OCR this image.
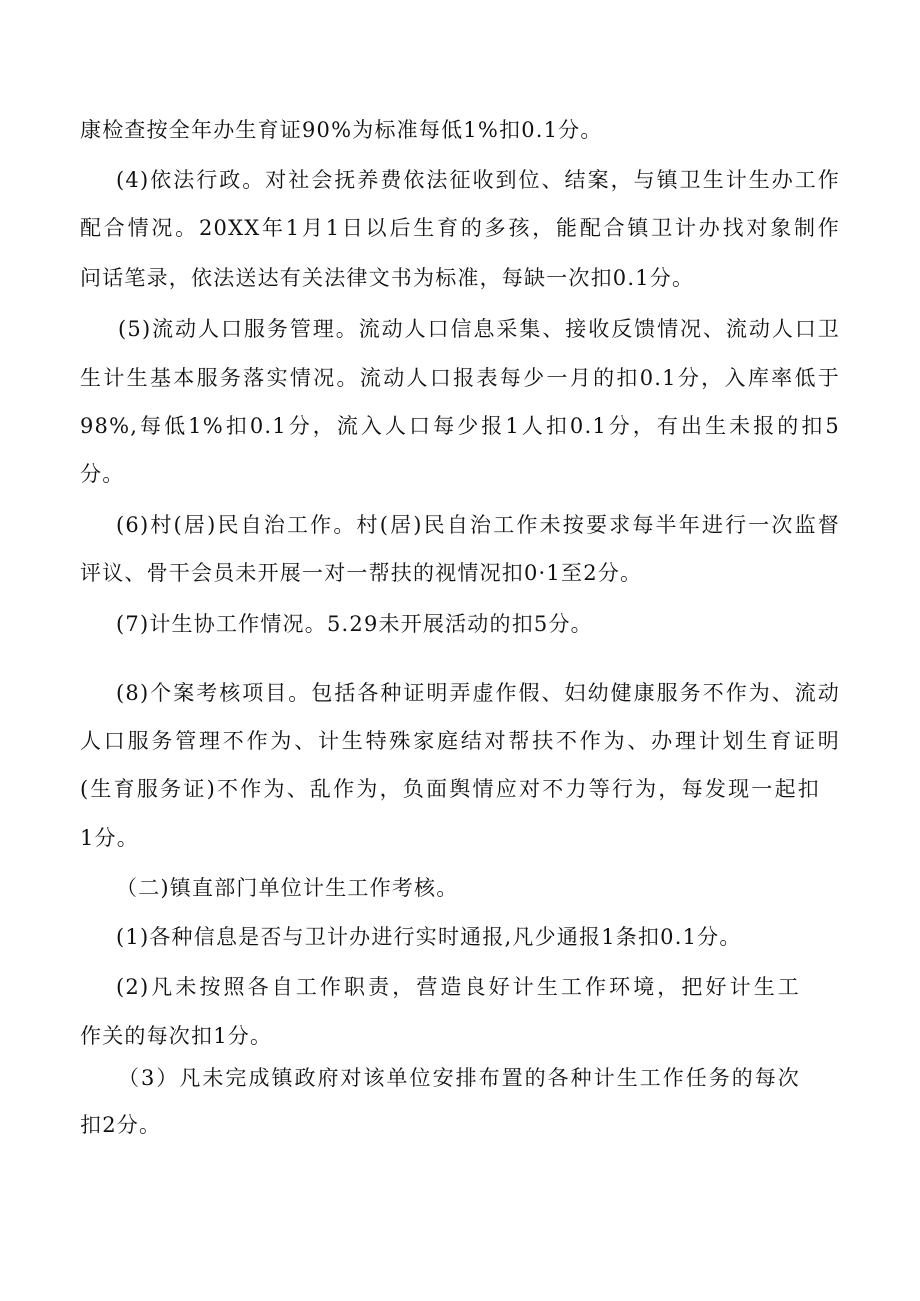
康检查按全年办生育证90%为标准每低1%扣0.1分。
(4)依法行政。对社会抚养费依法征收到位、结案，与镇卫生计生办工作
配合情况。20XX年1月1日以后生育的多孩，能配合镇卫计办找对象制作
问话笔录，依法送达有关法律文书为标准，每缺一次扣0.1分。
(5)流动人口服务管理。流动人口信息采集、接收反馈情况、流动人口卫
生计生基本服务落实情况。流动人口报表每少一月的扣0.1分，入库率低于
98%,每低1%扣0.1分，流入人口每少报1人扣0.1分，有出生未报的扣5
分。
(6)村(居)民自治工作。村(居)民自治工作未按要求每半年进行一次监督
评议、骨干会员未开展一对一帮扶的视情况扣0·1至2分。
(7)计生协工作情况。5.29未开展活动的扣5分。
(8)个案考核项目。包括各种证明弄虚作假、妇幼健康服务不作为、流动
人口服务管理不作为、计生特殊家庭结对帮扶不作为、办理计划生育证明
(生育服务证)不作为、乱作为，负面舆情应对不力等行为，每发现一起扣
1分。
（二)镇直部门单位计生工作考核。
(1)各种信息是否与卫计办进行实时通报,凡少通报1条扣0.1分。
(2)凡未按照各自工作职责，营造良好计生工作环境，把好计生工
作关的每次扣1分。
（3）凡未完成镇政府对该单位安排布置的各种计生工作任务的每次
扣2分。
